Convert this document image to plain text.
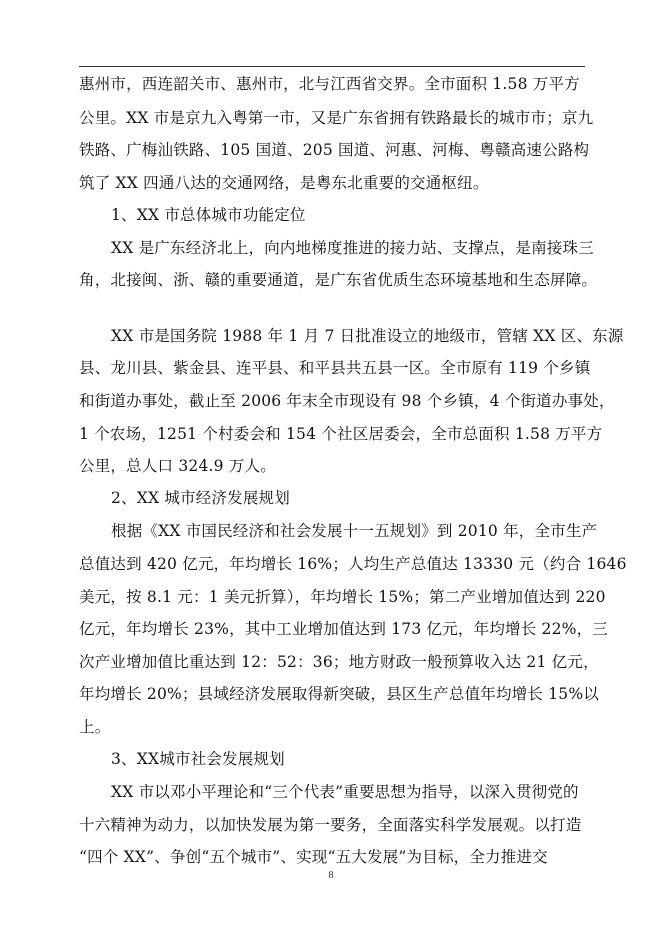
惠州市，西连韶关市、惠州市，北与江西省交界。全市面积 1.58 万平方
公里。XX 市是京九入粤第一市，又是广东省拥有铁路最长的城市市；京九
铁路、广梅汕铁路、105 国道、205 国道、河惠、河梅、粤赣高速公路构
筑了 XX 四通八达的交通网络，是粤东北重要的交通枢纽。
1、XX 市总体城市功能定位
XX 是广东经济北上，向内地梯度推进的接力站、支撑点，是南接珠三
角，北接闽、浙、赣的重要通道，是广东省优质生态环境基地和生态屏障。
XX 市是国务院 1988 年 1 月 7 日批准设立的地级市，管辖 XX 区、东源
县、龙川县、紫金县、连平县、和平县共五县一区。全市原有 119 个乡镇
和街道办事处，截止至 2006 年末全市现设有 98 个乡镇，4 个街道办事处，
1 个农场，1251 个村委会和 154 个社区居委会，全市总面积 1.58 万平方
公里，总人口 324.9 万人。
2、XX 城市经济发展规划
根据《XX 市国民经济和社会发展十一五规划》到 2010 年，全市生产
总值达到 420 亿元，年均增长 16%；人均生产总值达 13330 元（约合 1646
美元，按 8.1 元：1 美元折算），年均增长 15%；第二产业增加值达到 220
亿元，年均增长 23%，其中工业增加值达到 173 亿元，年均增长 22%，三
次产业增加值比重达到 12：52：36；地方财政一般预算收入达 21 亿元，
年均增长 20%；县域经济发展取得新突破，县区生产总值年均增长 15%以
上。
3、XX城市社会发展规划
XX 市以邓小平理论和“三个代表”重要思想为指导，以深入贯彻党的
十六精神为动力，以加快发展为第一要务，全面落实科学发展观。以打造
“四个 XX”、争创“五个城市”、实现“五大发展”为目标，全力推进交
8
